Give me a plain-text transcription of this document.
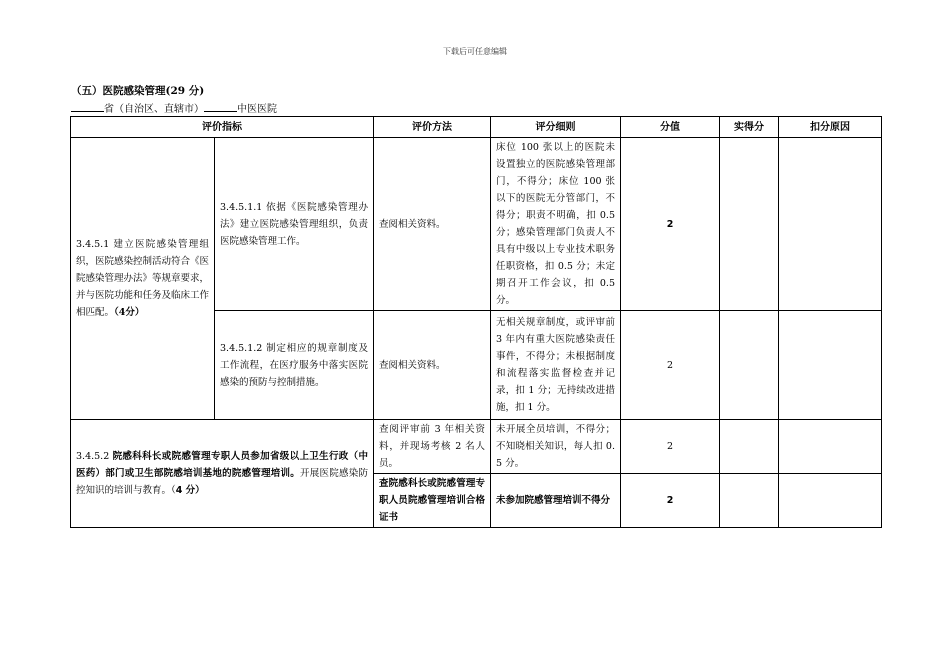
下载后可任意编辑
（五）医院感染管理(29 分)
省（自治区、直辖市）	中医医院
评价指标		评价方法	评分细则	分值	实得分	扣分原因
3.4.5.1 建立医院感染管理组织，医院感染控制活动符合《医院感染管理办法》等规章要求，并与医院功能和任务及临床工作相匹配。（4分）	3.4.5.1.1 依据《医院感染管理办法》建立医院感染管理组织，负责医院感染管理工作。	查阅相关资料。	床位 100 张以上的医院未设置独立的医院感染管理部门，不得分；床位 100 张以下的医院无分管部门，不得分；职责不明确，扣 0.5 分；感染管理部门负责人不具有中级以上专业技术职务任职资格，扣 0.5 分；未定期召开工作会议，扣 0.5 分。	2		
	3.4.5.1.2 制定相应的规章制度及工作流程，在医疗服务中落实医院感染的预防与控制措施。	查阅相关资料。	无相关规章制度，或评审前 3 年内有重大医院感染责任事件，不得分；未根据制度和流程落实监督检查并记录，扣 1 分；无持续改进措施，扣 1 分。	2		
3.4.5.2 院感科科长或院感管理专职人员参加省级以上卫生行政（中医药）部门或卫生部院感培训基地的院感管理培训。开展医院感染防控知识的培训与教育。（4 分）		查阅评审前 3 年相关资料，并现场考核 2 名人员。	未开展全员培训，不得分；不知晓相关知识，每人扣 0.5 分。	2		
		查院感科长或院感管理专职人员院感管理培训合格证书	未参加院感管理培训不得分	2		
